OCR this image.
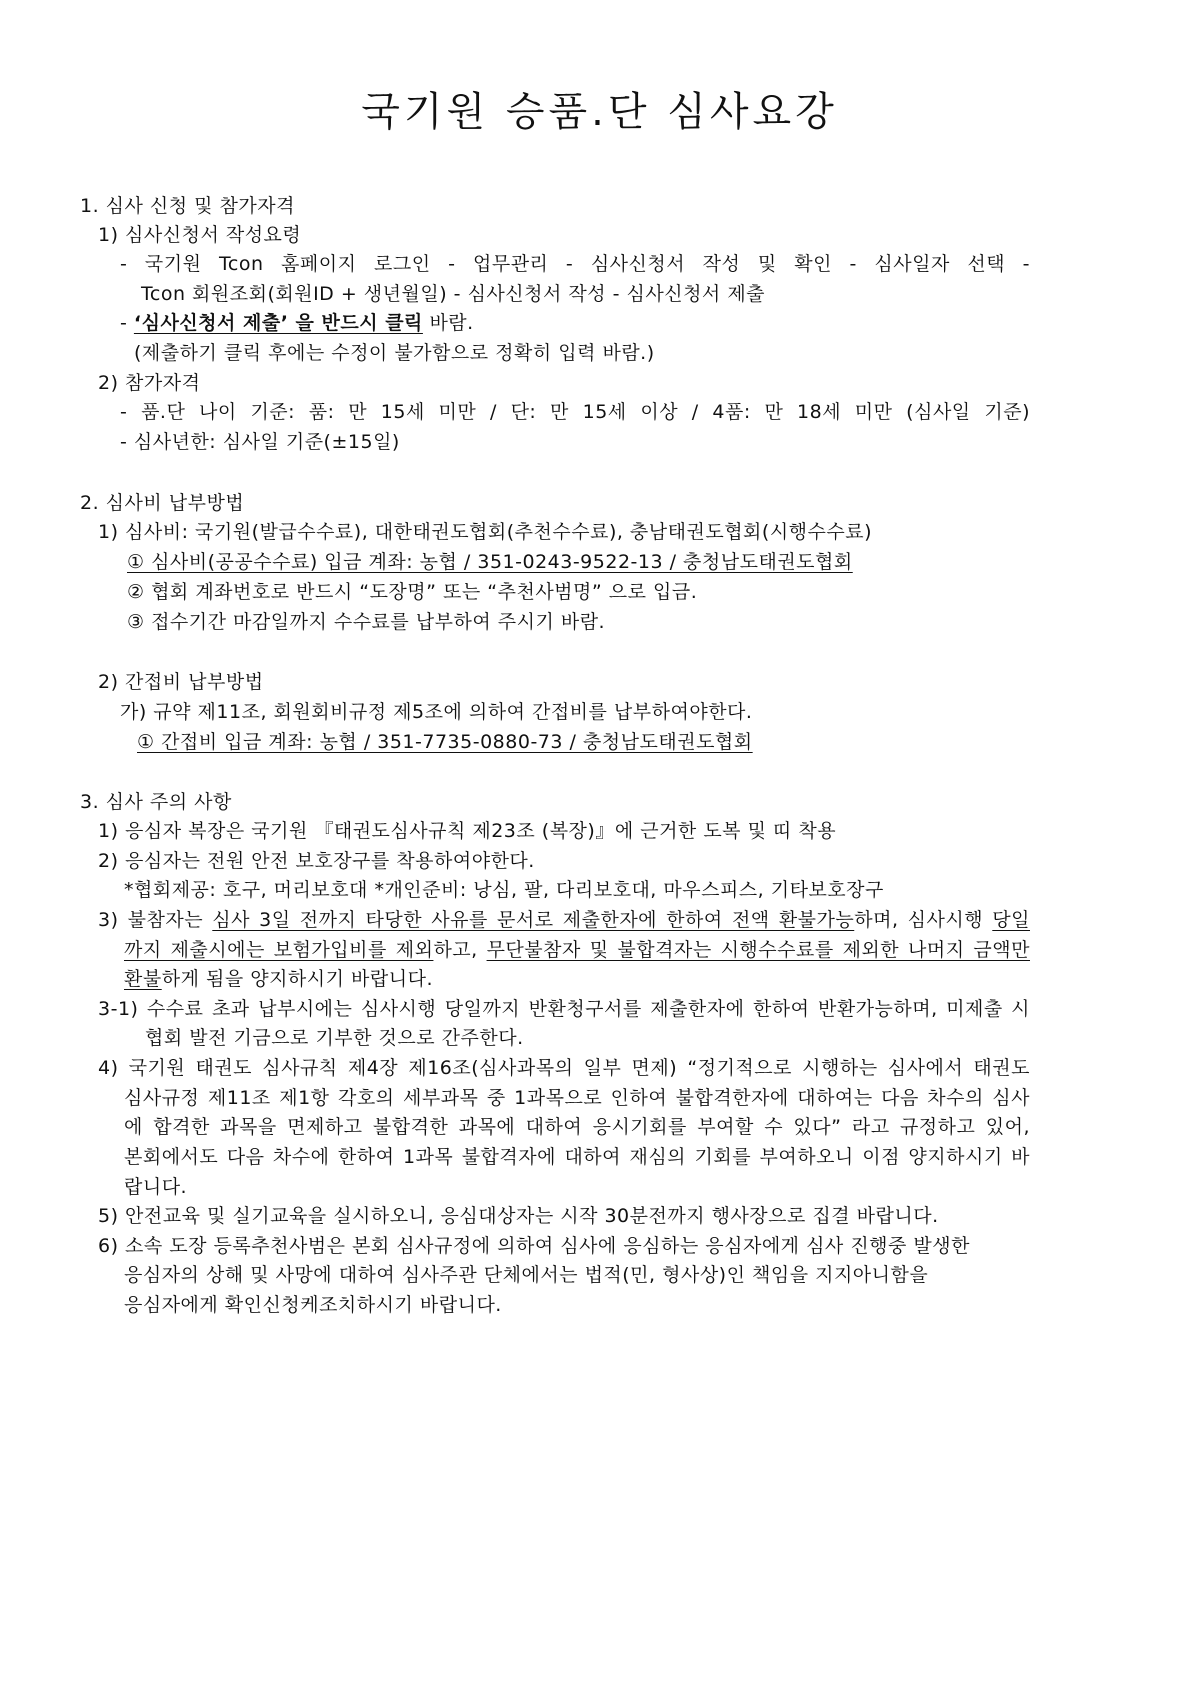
국기원 승품.단 심사요강
1. 심사 신청 및 참가자격
1) 심사신청서 작성요령
- 국기원 Tcon 홈페이지 로그인 - 업무관리 - 심사신청서 작성 및 확인 - 심사일자 선택 -
Tcon 회원조회(회원ID + 생년월일) - 심사신청서 작성 - 심사신청서 제출
- ‘심사신청서 제출’ 을 반드시 클릭 바람.
(제출하기 클릭 후에는 수정이 불가함으로 정확히 입력 바람.)
2) 참가자격
- 품.단 나이 기준: 품: 만 15세 미만 / 단: 만 15세 이상 / 4품: 만 18세 미만 (심사일 기준)
- 심사년한: 심사일 기준(±15일)
2. 심사비 납부방법
1) 심사비: 국기원(발급수수료), 대한태권도협회(추천수수료), 충남태권도협회(시행수수료)
① 심사비(공공수수료) 입금 계좌: 농협 / 351-0243-9522-13 / 충청남도태권도협회
② 협회 계좌번호로 반드시 “도장명” 또는 “추천사범명” 으로 입금.
③ 접수기간 마감일까지 수수료를 납부하여 주시기 바람.
2) 간접비 납부방법
가) 규약 제11조, 회원회비규정 제5조에 의하여 간접비를 납부하여야한다.
① 간접비 입금 계좌: 농협 / 351-7735-0880-73 / 충청남도태권도협회
3. 심사 주의 사항
1) 응심자 복장은 국기원 『태권도심사규칙 제23조 (복장)』에 근거한 도복 및 띠 착용
2) 응심자는 전원 안전 보호장구를 착용하여야한다.
*협회제공: 호구, 머리보호대 *개인준비: 낭심, 팔, 다리보호대, 마우스피스, 기타보호장구
3) 불참자는 심사 3일 전까지 타당한 사유를 문서로 제출한자에 한하여 전액 환불가능하며, 심사시행 당일
까지 제출시에는 보험가입비를 제외하고, 무단불참자 및 불합격자는 시행수수료를 제외한 나머지 금액만
환불하게 됨을 양지하시기 바랍니다.
3-1) 수수료 초과 납부시에는 심사시행 당일까지 반환청구서를 제출한자에 한하여 반환가능하며, 미제출 시
협회 발전 기금으로 기부한 것으로 간주한다.
4) 국기원 태권도 심사규칙 제4장 제16조(심사과목의 일부 면제) “정기적으로 시행하는 심사에서 태권도
심사규정 제11조 제1항 각호의 세부과목 중 1과목으로 인하여 불합격한자에 대하여는 다음 차수의 심사
에 합격한 과목을 면제하고 불합격한 과목에 대하여 응시기회를 부여할 수 있다” 라고 규정하고 있어,
본회에서도 다음 차수에 한하여 1과목 불합격자에 대하여 재심의 기회를 부여하오니 이점 양지하시기 바
랍니다.
5) 안전교육 및 실기교육을 실시하오니, 응심대상자는 시작 30분전까지 행사장으로 집결 바랍니다.
6) 소속 도장 등록추천사범은 본회 심사규정에 의하여 심사에 응심하는 응심자에게 심사 진행중 발생한
응심자의 상해 및 사망에 대하여 심사주관 단체에서는 법적(민, 형사상)인 책임을 지지아니함을
응심자에게 확인신청케조치하시기 바랍니다.
